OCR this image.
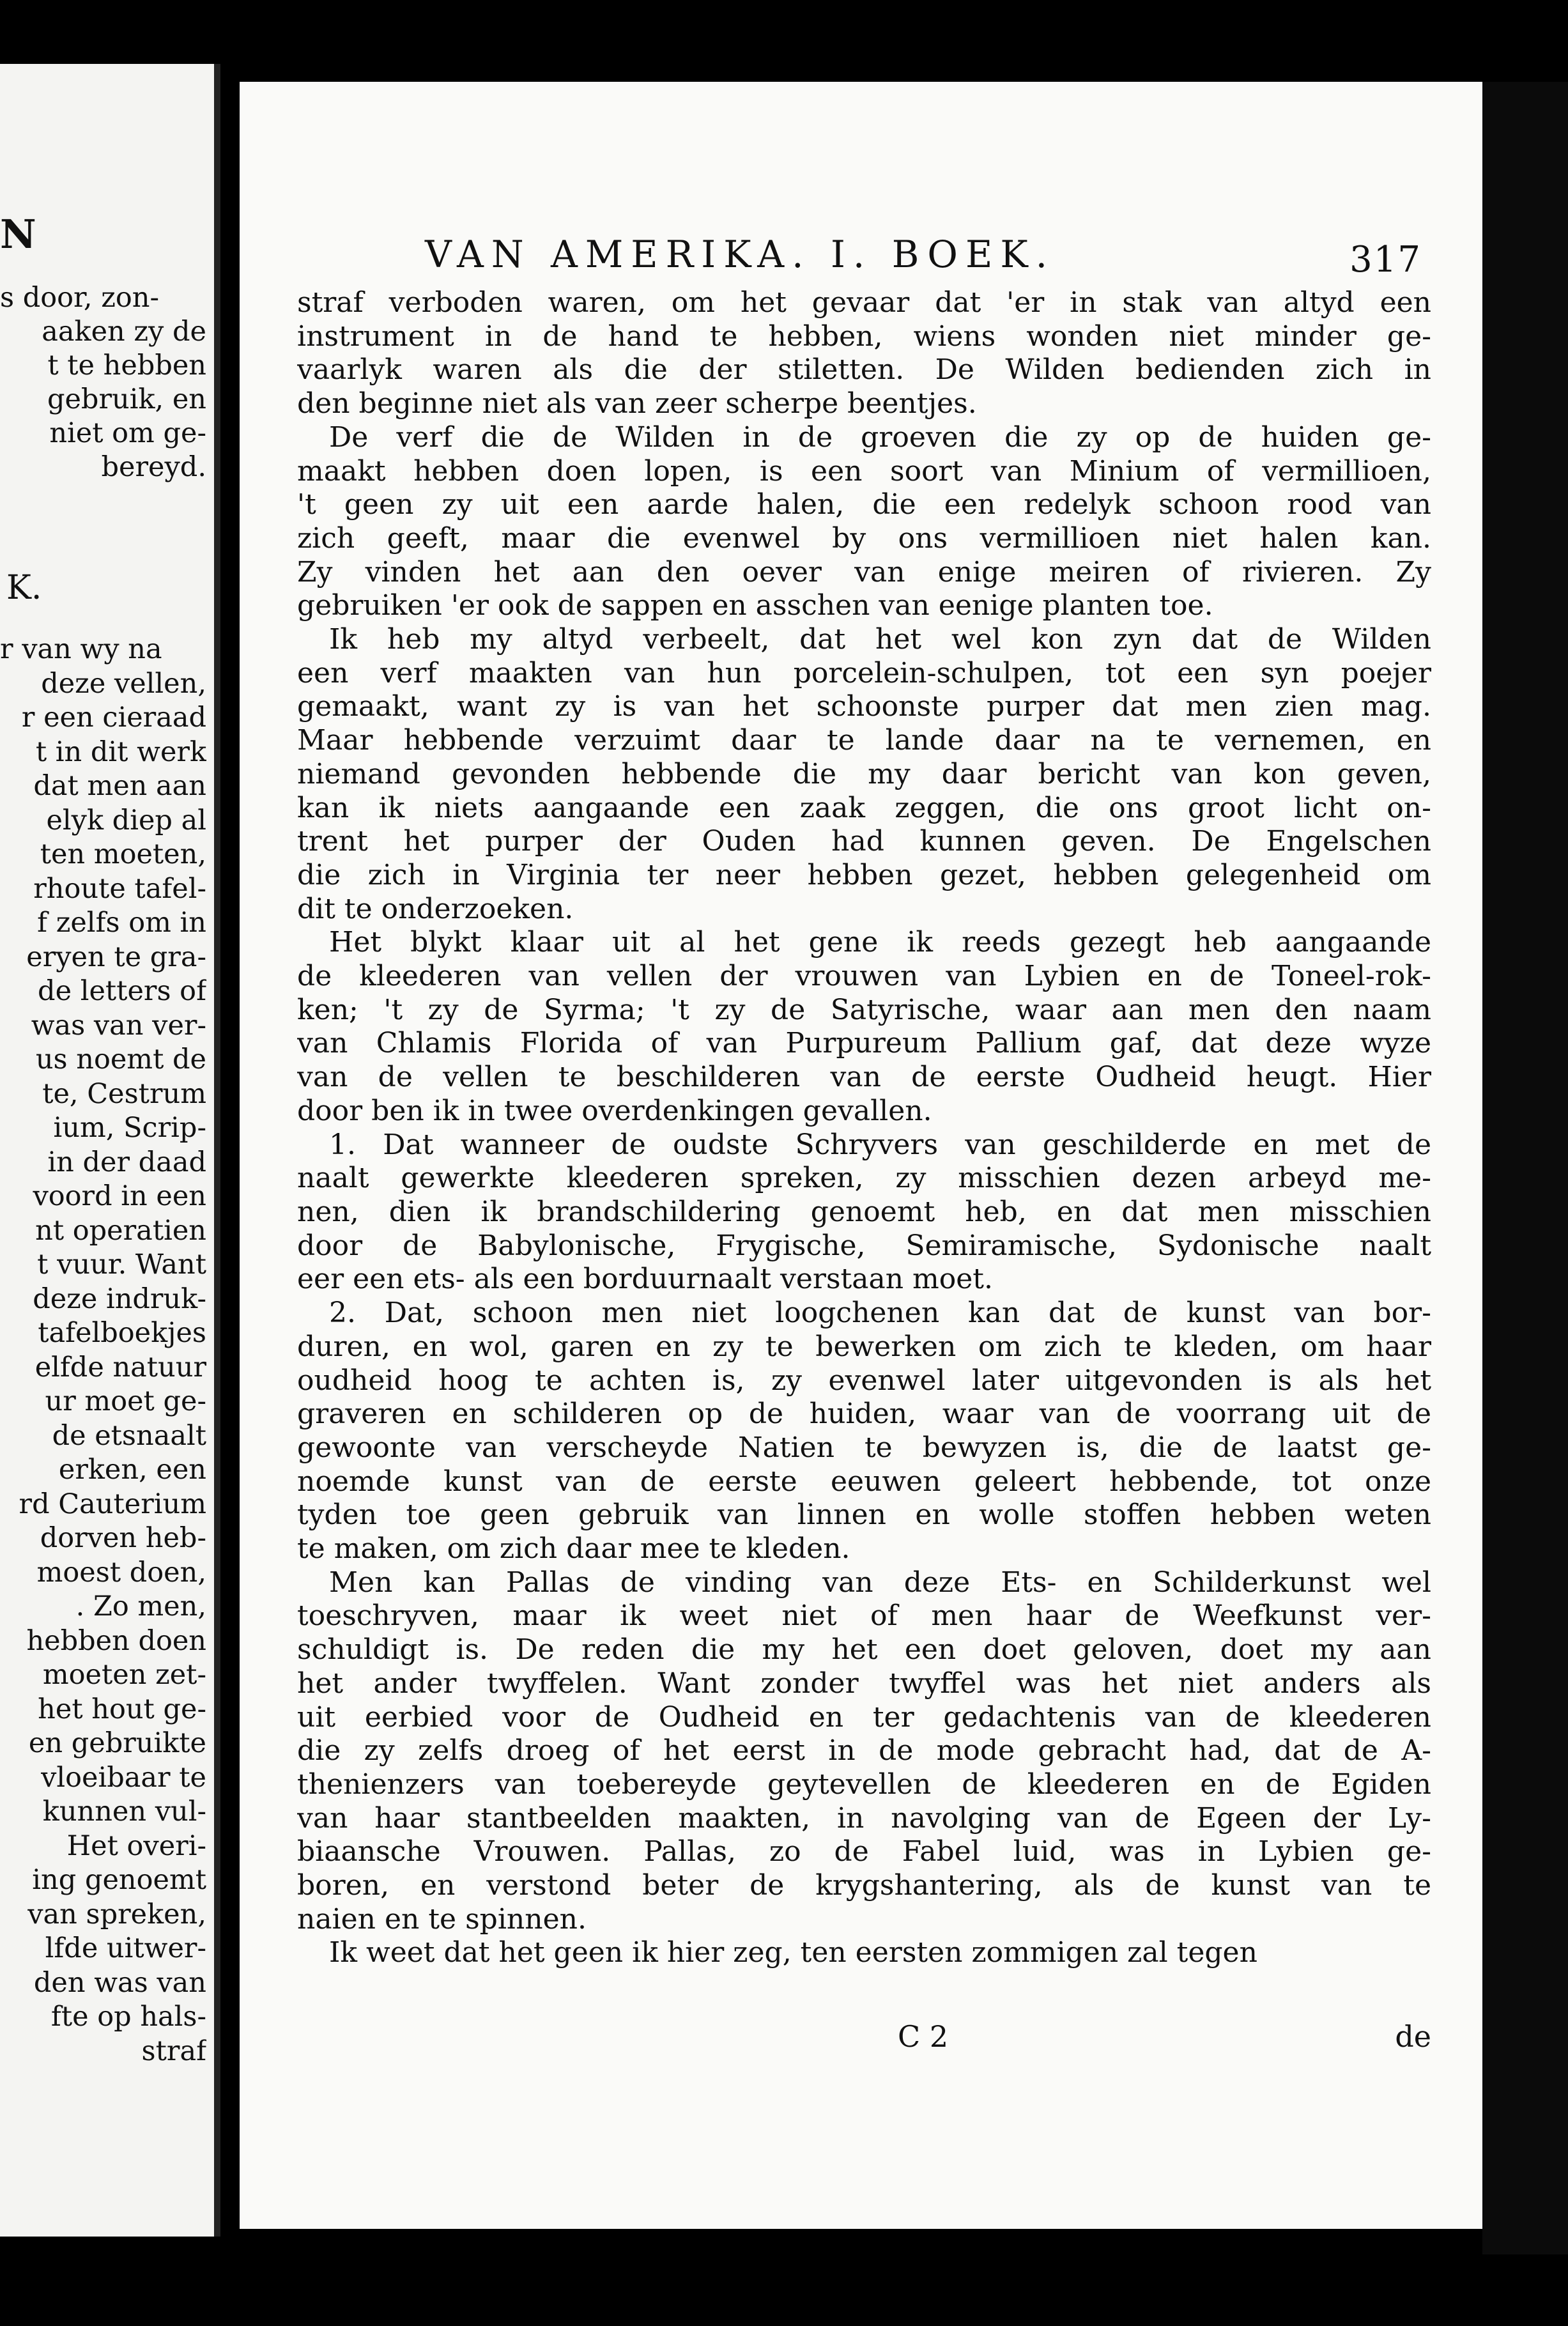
N
s door, zon-
aaken zy de
t te hebben
gebruik, en
niet om ge-
bereyd.
K.
r van wy na
deze vellen,
r een cieraad
t in dit werk
dat men aan
elyk diep al
ten moeten,
rhoute tafel-
f zelfs om in
eryen te gra-
de letters of
was van ver-
us noemt de
te, Cestrum
ium, Scrip-
in der daad
voord in een
nt operatien
t vuur. Want
deze indruk-
tafelboekjes
elfde natuur
ur moet ge-
de etsnaalt
erken, een
rd Cauterium
dorven heb-
moest doen,
. Zo men,
hebben doen
moeten zet-
het hout ge-
en gebruikte
vloeibaar te
kunnen vul-
Het overi-
ing genoemt
van spreken,
lfde uitwer-
den was van
fte op hals-
straf
VAN AMERIKA. I. BOEK.	317
straf verboden waren, om het gevaar dat 'er in stak van altyd een
instrument in de hand te hebben, wiens wonden niet minder ge-
vaarlyk waren als die der stiletten. De Wilden bedienden zich in
den beginne niet als van zeer scherpe beentjes.
De verf die de Wilden in de groeven die zy op de huiden ge-
maakt hebben doen lopen, is een soort van Minium of vermillioen,
't geen zy uit een aarde halen, die een redelyk schoon rood van
zich geeft, maar die evenwel by ons vermillioen niet halen kan.
Zy vinden het aan den oever van enige meiren of rivieren. Zy
gebruiken 'er ook de sappen en asschen van eenige planten toe.
Ik heb my altyd verbeelt, dat het wel kon zyn dat de Wilden
een verf maakten van hun porcelein-schulpen, tot een syn poejer
gemaakt, want zy is van het schoonste purper dat men zien mag.
Maar hebbende verzuimt daar te lande daar na te vernemen, en
niemand gevonden hebbende die my daar bericht van kon geven,
kan ik niets aangaande een zaak zeggen, die ons groot licht on-
trent het purper der Ouden had kunnen geven. De Engelschen
die zich in Virginia ter neer hebben gezet, hebben gelegenheid om
dit te onderzoeken.
Het blykt klaar uit al het gene ik reeds gezegt heb aangaande
de kleederen van vellen der vrouwen van Lybien en de Toneel-rok-
ken; 't zy de Syrma; 't zy de Satyrische, waar aan men den naam
van Chlamis Florida of van Purpureum Pallium gaf, dat deze wyze
van de vellen te beschilderen van de eerste Oudheid heugt. Hier
door ben ik in twee overdenkingen gevallen.
1. Dat wanneer de oudste Schryvers van geschilderde en met de
naalt gewerkte kleederen spreken, zy misschien dezen arbeyd me-
nen, dien ik brandschildering genoemt heb, en dat men misschien
door de Babylonische, Frygische, Semiramische, Sydonische naalt
eer een ets- als een borduurnaalt verstaan moet.
2. Dat, schoon men niet loogchenen kan dat de kunst van bor-
duren, en wol, garen en zy te bewerken om zich te kleden, om haar
oudheid hoog te achten is, zy evenwel later uitgevonden is als het
graveren en schilderen op de huiden, waar van de voorrang uit de
gewoonte van verscheyde Natien te bewyzen is, die de laatst ge-
noemde kunst van de eerste eeuwen geleert hebbende, tot onze
tyden toe geen gebruik van linnen en wolle stoffen hebben weten
te maken, om zich daar mee te kleden.
Men kan Pallas de vinding van deze Ets- en Schilderkunst wel
toeschryven, maar ik weet niet of men haar de Weefkunst ver-
schuldigt is. De reden die my het een doet geloven, doet my aan
het ander twyffelen. Want zonder twyffel was het niet anders als
uit eerbied voor de Oudheid en ter gedachtenis van de kleederen
die zy zelfs droeg of het eerst in de mode gebracht had, dat de A-
thenienzers van toebereyde geytevellen de kleederen en de Egiden
van haar stantbeelden maakten, in navolging van de Egeen der Ly-
biaansche Vrouwen. Pallas, zo de Fabel luid, was in Lybien ge-
boren, en verstond beter de krygshantering, als de kunst van te
naien en te spinnen.
Ik weet dat het geen ik hier zeg, ten eersten zommigen zal tegen
C 2	de
